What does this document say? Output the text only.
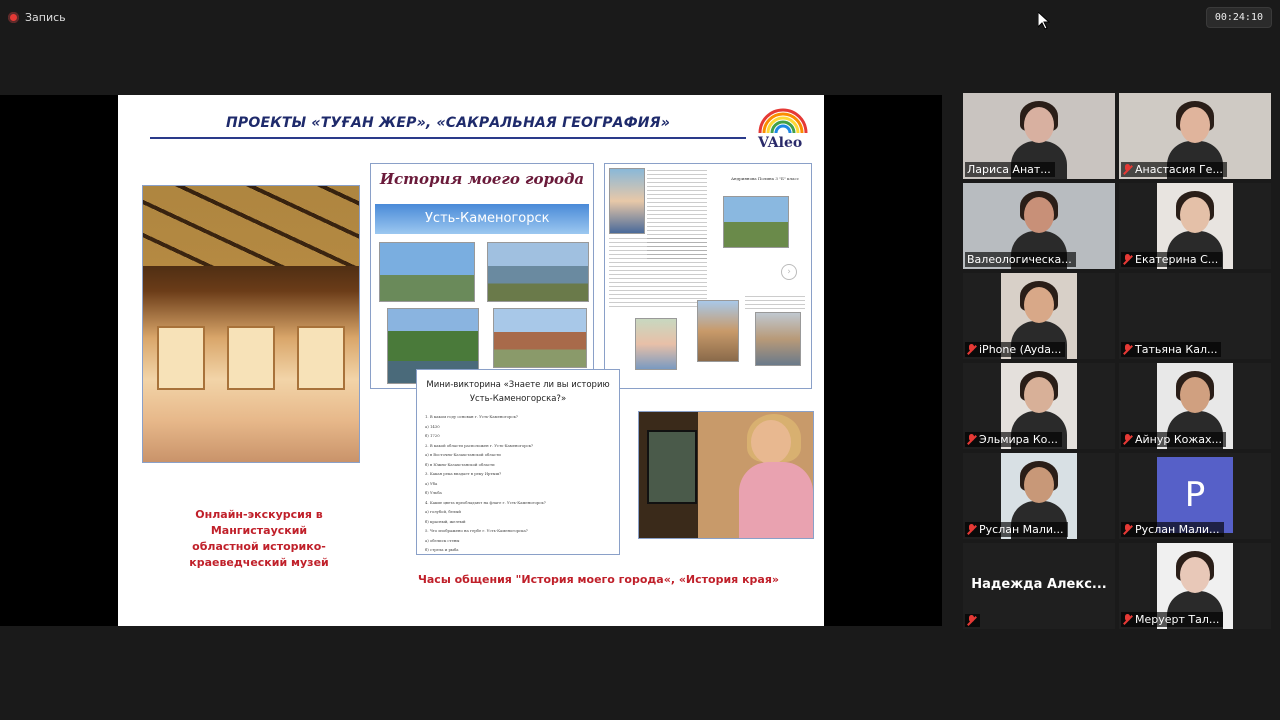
Запись	00:24:10
ПРОЕКТЫ «ТУҒАН ЖЕР», «САКРАЛЬНАЯ ГЕОГРАФИЯ»
VAleo
История моего города
Усть-Каменогорск
Андриянова Полина 3 "Б" класс
›
Мини-викторина «Знаете ли вы историю Усть-Каменогорска?»
1. В каком году основан г. Усть-Каменогорск?
а) 1430
б) 1720
2. В какой области расположен г. Усть-Каменогорск?
а) в Восточно-Казахстанской области
б) в Южно-Казахстанской области
3. Какая река впадает в реку Иртыш?
а) Уба
б) Ульба
4. Какие цвета преобладают на флаге г. Усть-Каменогорск?
а) голубой, белый
б) красный, желтый
5. Что изображено на гербе г. Усть-Каменогорска?
а) обелиск стены
б) стрела и рыба
Онлайн-экскурсия в Мангистауский областной историко-краеведческий музей
Часы общения "История моего города«, «История края»
Лариса Анат...	Анастасия Ге...
Валеологическа...	Екатерина С...
iPhone (Ayda...	Татьяна Кал...
Эльмира Ко...	Айнур Кожах...
Руслан Мали...
P
Руслан Мали...
Надежда Алекс...
Меруерт Тал...
